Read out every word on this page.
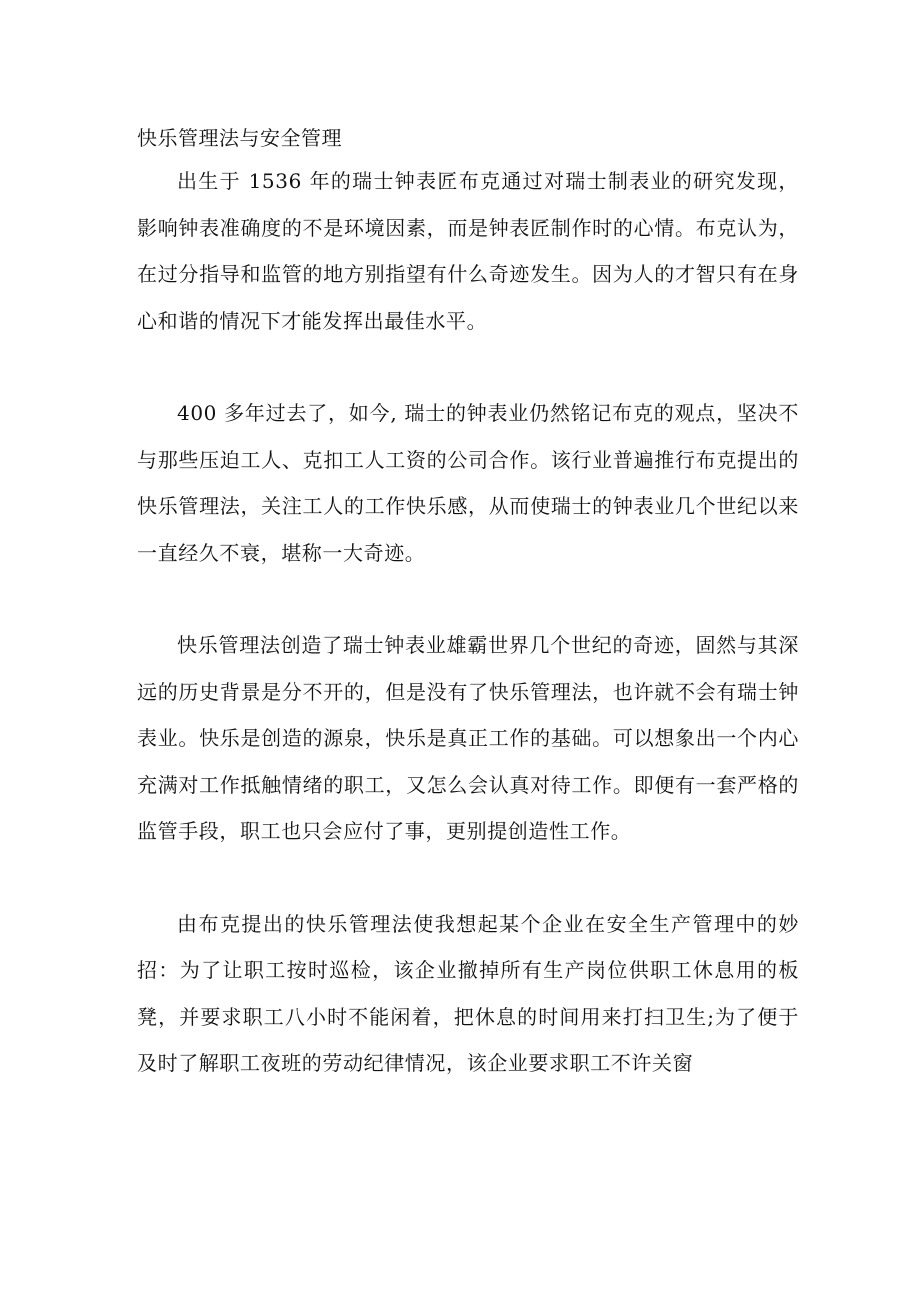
快乐管理法与安全管理

出生于 1536 年的瑞士钟表匠布克通过对瑞士制表业的研究发现，影响钟表准确度的不是环境因素，而是钟表匠制作时的心情。布克认为，在过分指导和监管的地方别指望有什么奇迹发生。因为人的才智只有在身心和谐的情况下才能发挥出最佳水平。

400 多年过去了，如今, 瑞士的钟表业仍然铭记布克的观点，坚决不与那些压迫工人、克扣工人工资的公司合作。该行业普遍推行布克提出的快乐管理法，关注工人的工作快乐感，从而使瑞士的钟表业几个世纪以来一直经久不衰，堪称一大奇迹。

快乐管理法创造了瑞士钟表业雄霸世界几个世纪的奇迹，固然与其深远的历史背景是分不开的，但是没有了快乐管理法，也许就不会有瑞士钟表业。快乐是创造的源泉，快乐是真正工作的基础。可以想象出一个内心充满对工作抵触情绪的职工，又怎么会认真对待工作。即便有一套严格的监管手段，职工也只会应付了事，更别提创造性工作。

由布克提出的快乐管理法使我想起某个企业在安全生产管理中的妙招：为了让职工按时巡检，该企业撤掉所有生产岗位供职工休息用的板凳，并要求职工八小时不能闲着，把休息的时间用来打扫卫生;为了便于及时了解职工夜班的劳动纪律情况，该企业要求职工不许关窗
